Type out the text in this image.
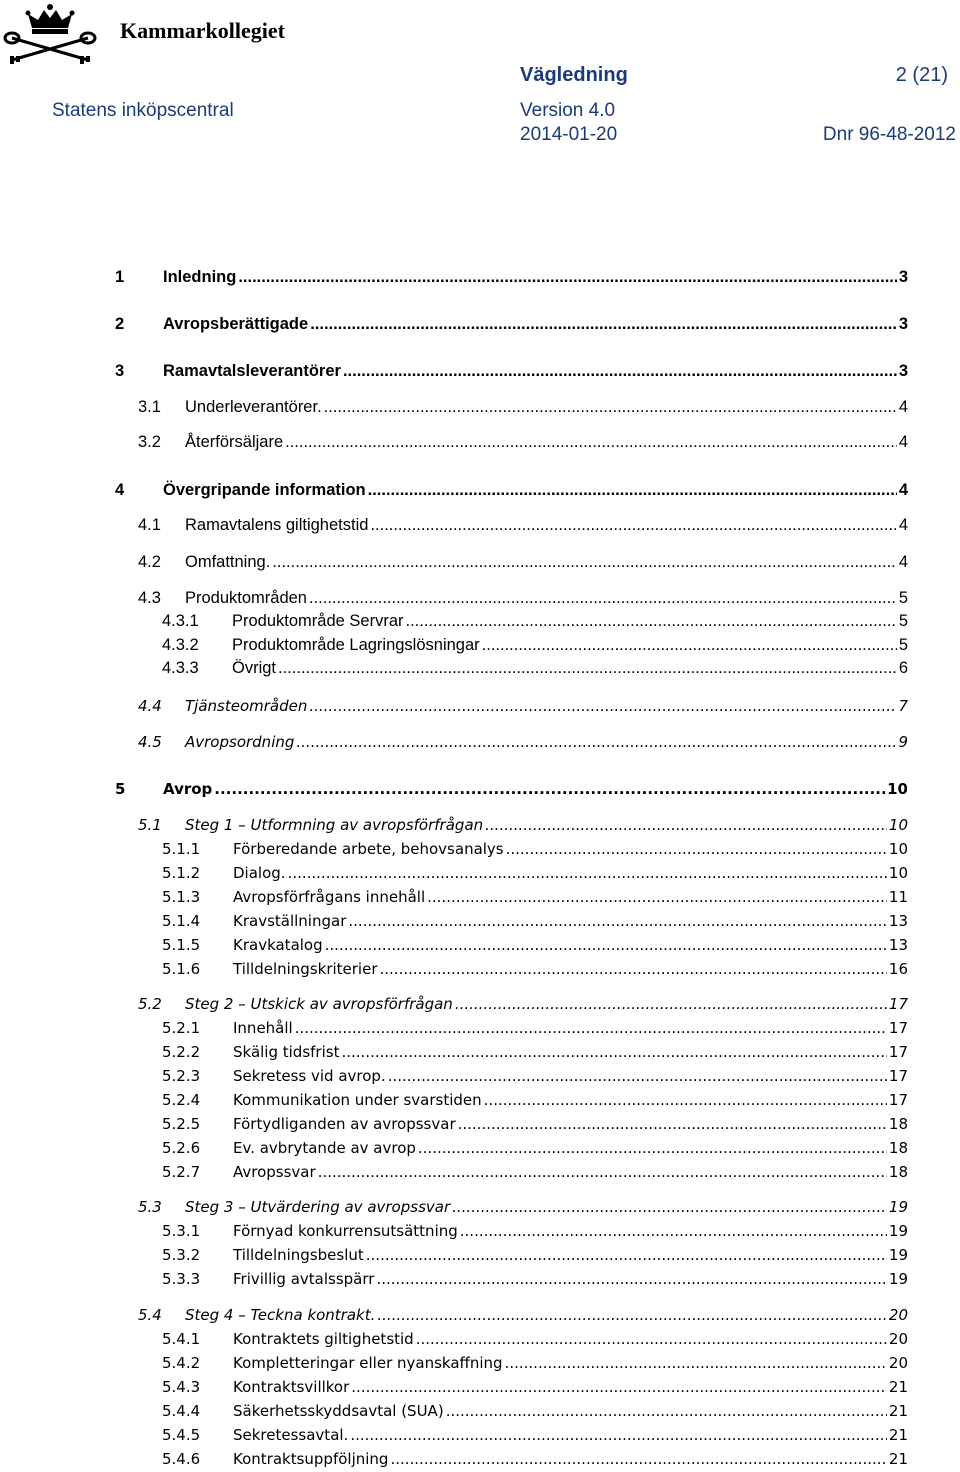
Kammarkollegiet
Vägledning	2 (21)
Statens inköpscentral	Version 4.0
2014-01-20	Dnr 96-48-2012
1	Inledning .....	3
2	Avropsberättigade .....	3
3	Ramavtalsleverantörer .....	3
3.1	Underleverantörer. .....	4
3.2	Återförsäljare .....	4
4	Övergripande information .....	4
4.1	Ramavtalens giltighetstid .....	4
4.2	Omfattning. .....	4
4.3	Produktområden .....	5
4.3.1	Produktområde Servrar .....	5
4.3.2	Produktområde Lagringslösningar .....	5
4.3.3	Övrigt .....	6
4.4	Tjänsteområden .....	7
4.5	Avropsordning .....	9
5	Avrop .....	10
5.1	Steg 1 – Utformning av avropsförfrågan .....	10
5.1.1	Förberedande arbete, behovsanalys .....	10
5.1.2	Dialog. .....	10
5.1.3	Avropsförfrågans innehåll .....	11
5.1.4	Kravställningar .....	13
5.1.5	Kravkatalog .....	13
5.1.6	Tilldelningskriterier .....	16
5.2	Steg 2 – Utskick av avropsförfrågan .....	17
5.2.1	Innehåll .....	17
5.2.2	Skälig tidsfrist .....	17
5.2.3	Sekretess vid avrop. .....	17
5.2.4	Kommunikation under svarstiden .....	17
5.2.5	Förtydliganden av avropssvar .....	18
5.2.6	Ev. avbrytande av avrop .....	18
5.2.7	Avropssvar .....	18
5.3	Steg 3 – Utvärdering av avropssvar .....	19
5.3.1	Förnyad konkurrensutsättning .....	19
5.3.2	Tilldelningsbeslut .....	19
5.3.3	Frivillig avtalsspärr .....	19
5.4	Steg 4 – Teckna kontrakt. .....	20
5.4.1	Kontraktets giltighetstid .....	20
5.4.2	Kompletteringar eller nyanskaffning .....	20
5.4.3	Kontraktsvillkor .....	21
5.4.4	Säkerhetsskyddsavtal (SUA) .....	21
5.4.5	Sekretessavtal. .....	21
5.4.6	Kontraktsuppföljning .....	21
